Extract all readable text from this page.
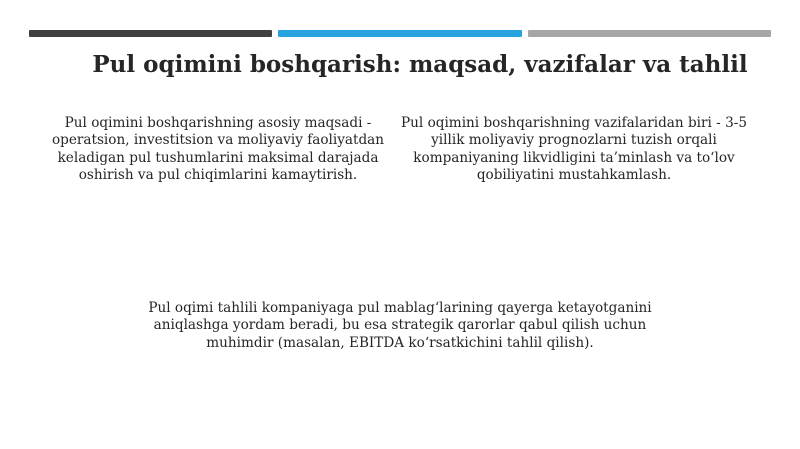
Pul oqimini boshqarish: maqsad, vazifalar va tahlil
Pul oqimini boshqarishning asosiy maqsadi - operatsion, investitsion va moliyaviy faoliyatdan keladigan pul tushumlarini maksimal darajada oshirish va pul chiqimlarini kamaytirish.
Pul oqimini boshqarishning vazifalaridan biri - 3-5 yillik moliyaviy prognozlarni tuzish orqali kompaniyaning likvidligini ta’minlash va to‘lov qobiliyatini mustahkamlash.
Pul oqimi tahlili kompaniyaga pul mablag‘larining qayerga ketayotganini aniqlashga yordam beradi, bu esa strategik qarorlar qabul qilish uchun muhimdir (masalan, EBITDA ko‘rsatkichini tahlil qilish).
